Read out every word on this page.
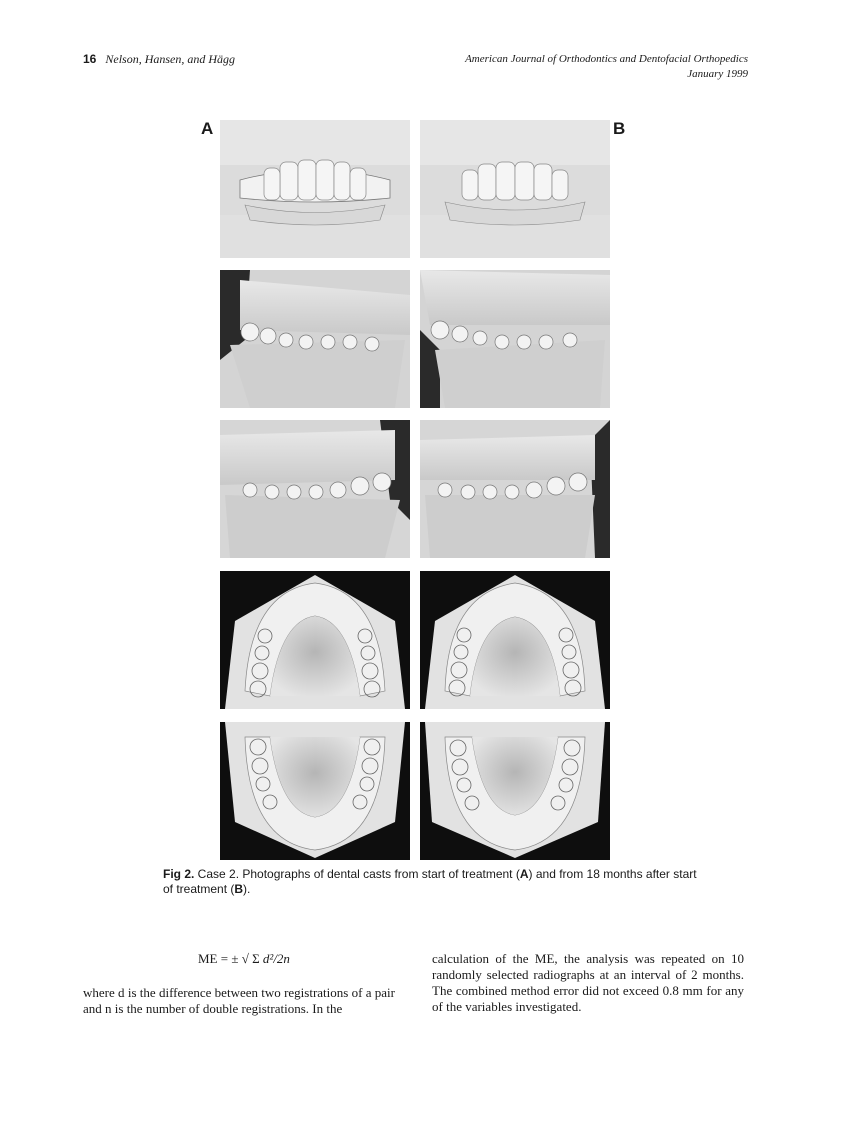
16 Nelson, Hansen, and Hägg	American Journal of Orthodontics and Dentofacial Orthopedics
January 1999
A	B
Fig 2. Case 2. Photographs of dental casts from start of treatment (A) and from 18 months after start of treatment (B).
ME = ± √ Σ d²/2n
where d is the difference between two registrations of a pair and n is the number of double registrations. In the
calculation of the ME, the analysis was repeated on 10 randomly selected radiographs at an interval of 2 months. The combined method error did not exceed 0.8 mm for any of the variables investigated.
